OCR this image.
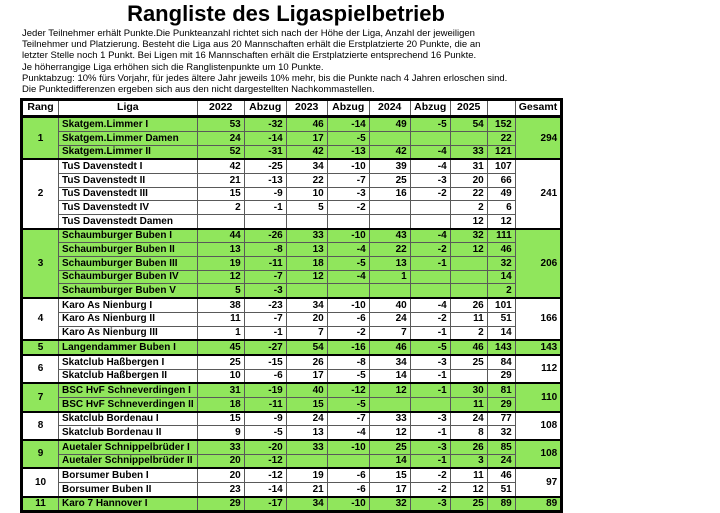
Rangliste des Ligaspielbetrieb
Jeder Teilnehmer erhält Punkte.Die Punkteanzahl richtet sich nach der Höhe der Liga, Anzahl der jeweiligen
Teilnehmer und Platzierung. Besteht die Liga aus 20 Mannschaften erhält die Erstplatzierte 20 Punkte, die an
letzter Stelle noch 1 Punkt. Bei Ligen mit 16 Mannschaften erhält die Erstplatzierte entsprechend 16 Punkte.
Je höherrangige Liga erhöhen sich die Ranglistenpunkte um 10 Punkte.
Punktabzug: 10% fürs Vorjahr, für jedes ältere Jahr jeweils 10% mehr, bis die Punkte nach 4 Jahren erloschen sind.
Die Punktedifferenzen ergeben sich aus den nicht dargestellten Nachkommastellen.
Rang	Liga	2022	Abzug	2023	Abzug	2024	Abzug	2025		Gesamt
1	Skatgem.Limmer I	53	-32	46	-14	49	-5	54	152	294
	Skatgem.Limmer Damen	24	-14	17	-5				22	
	Skatgem.Limmer II	52	-31	42	-13	42	-4	33	121	
2	TuS Davenstedt I	42	-25	34	-10	39	-4	31	107	241
	TuS Davenstedt II	21	-13	22	-7	25	-3	20	66	
	TuS Davenstedt III	15	-9	10	-3	16	-2	22	49	
	TuS Davenstedt IV	2	-1	5	-2			2	6	
	TuS Davenstedt Damen							12	12	
3	Schaumburger Buben I	44	-26	33	-10	43	-4	32	111	206
	Schaumburger Buben II	13	-8	13	-4	22	-2	12	46	
	Schaumburger Buben III	19	-11	18	-5	13	-1		32	
	Schaumburger Buben IV	12	-7	12	-4	1			14	
	Schaumburger Buben V	5	-3						2	
4	Karo As Nienburg I	38	-23	34	-10	40	-4	26	101	166
	Karo As Nienburg II	11	-7	20	-6	24	-2	11	51	
	Karo As Nienburg III	1	-1	7	-2	7	-1	2	14	
5	Langendammer Buben I	45	-27	54	-16	46	-5	46	143	143
6	Skatclub Haßbergen I	25	-15	26	-8	34	-3	25	84	112
	Skatclub Haßbergen II	10	-6	17	-5	14	-1		29	
7	BSC HvF Schneverdingen I	31	-19	40	-12	12	-1	30	81	110
	BSC HvF Schneverdingen II	18	-11	15	-5			11	29	
8	Skatclub Bordenau I	15	-9	24	-7	33	-3	24	77	108
	Skatclub Bordenau II	9	-5	13	-4	12	-1	8	32	
9	Auetaler Schnippelbrüder I	33	-20	33	-10	25	-3	26	85	108
	Auetaler Schnippelbrüder II	20	-12			14	-1	3	24	
10	Borsumer Buben I	20	-12	19	-6	15	-2	11	46	97
	Borsumer Buben II	23	-14	21	-6	17	-2	12	51	
11	Karo 7 Hannover I	29	-17	34	-10	32	-3	25	89	89
